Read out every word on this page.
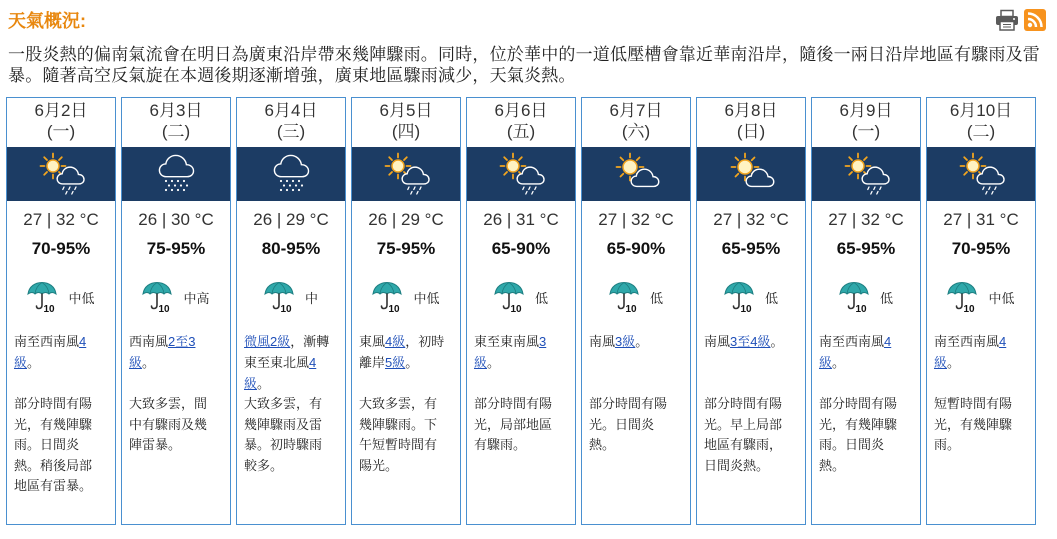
天氣概況:

一股炎熱的偏南氣流會在明日為廣東沿岸帶來幾陣驟雨。同時，位於華中的一道低壓槽會靠近華南沿岸，隨後一兩日沿岸地區有驟雨及雷暴。隨著高空反氣旋在本週後期逐漸增強，廣東地區驟雨減少，天氣炎熱。

6月2日
(一)
27 | 32 °C
70-95%
10
中低
南至西南風4級。
部分時間有陽光，有幾陣驟雨。日間炎熱。稍後局部地區有雷暴。
6月3日
(二)
26 | 30 °C
75-95%
10
中高
西南風2至3級。
大致多雲，間中有驟雨及幾陣雷暴。
6月4日
(三)
26 | 29 °C
80-95%
10
中
微風2級，漸轉東至東北風4級。
大致多雲，有幾陣驟雨及雷暴。初時驟雨較多。
6月5日
(四)
26 | 29 °C
75-95%
10
中低
東風4級，初時離岸5級。
大致多雲，有幾陣驟雨。下午短暫時間有陽光。
6月6日
(五)
26 | 31 °C
65-90%
10
低
東至東南風3級。
部分時間有陽光，局部地區有驟雨。
6月7日
(六)
27 | 32 °C
65-90%
10
低
南風3級。
部分時間有陽光。日間炎熱。
6月8日
(日)
27 | 32 °C
65-95%
10
低
南風3至4級。
部分時間有陽光。早上局部地區有驟雨，日間炎熱。
6月9日
(一)
27 | 32 °C
65-95%
10
低
南至西南風4級。
部分時間有陽光，有幾陣驟雨。日間炎熱。
6月10日
(二)
27 | 31 °C
70-95%
10
中低
南至西南風4級。
短暫時間有陽光，有幾陣驟雨。
